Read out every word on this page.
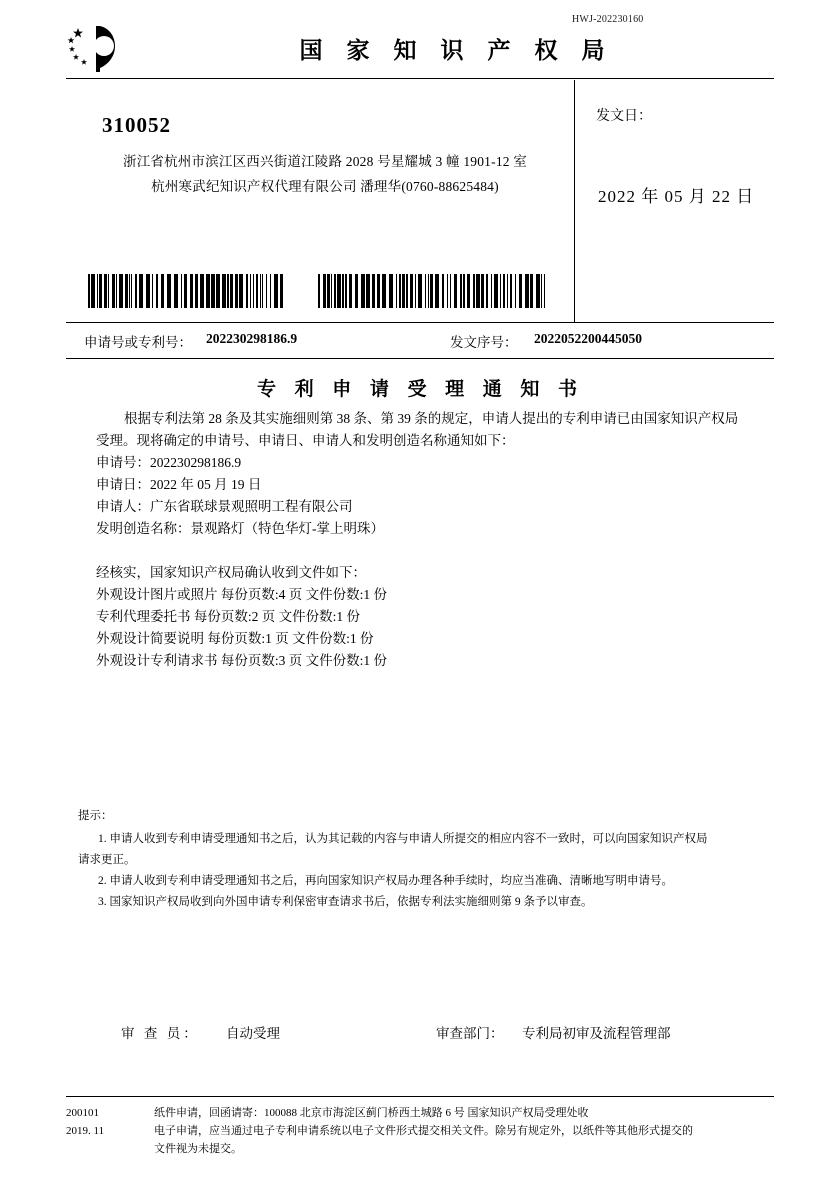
HWJ-202230160
国 家 知 识 产 权 局
310052
浙江省杭州市滨江区西兴街道江陵路 2028 号星耀城 3 幢 1901-12 室
杭州寒武纪知识产权代理有限公司 潘理华(0760-88625484)
发文日：
2022 年 05 月 22 日
申请号或专利号： 202230298186.9	发文序号： 2022052200445050
专 利 申 请 受 理 通 知 书
根据专利法第 28 条及其实施细则第 38 条、第 39 条的规定，申请人提出的专利申请已由国家知识产权局
受理。现将确定的申请号、申请日、申请人和发明创造名称通知如下：
申请号：202230298186.9
申请日：2022 年 05 月 19 日
申请人：广东省联球景观照明工程有限公司
发明创造名称：景观路灯（特色华灯-掌上明珠）
经核实，国家知识产权局确认收到文件如下：
外观设计图片或照片 每份页数:4 页 文件份数:1 份
专利代理委托书 每份页数:2 页 文件份数:1 份
外观设计简要说明 每份页数:1 页 文件份数:1 份
外观设计专利请求书 每份页数:3 页 文件份数:1 份
提示：
1. 申请人收到专利申请受理通知书之后，认为其记载的内容与申请人所提交的相应内容不一致时，可以向国家知识产权局
请求更正。
2. 申请人收到专利申请受理通知书之后，再向国家知识产权局办理各种手续时，均应当准确、清晰地写明申请号。
3. 国家知识产权局收到向外国申请专利保密审查请求书后，依据专利法实施细则第 9 条予以审查。
审 查 员： 自动受理	审查部门： 专利局初审及流程管理部
200101
2019. 11
纸件申请，回函请寄：100088 北京市海淀区蓟门桥西土城路 6 号 国家知识产权局受理处收
电子申请，应当通过电子专利申请系统以电子文件形式提交相关文件。除另有规定外，以纸件等其他形式提交的
文件视为未提交。
